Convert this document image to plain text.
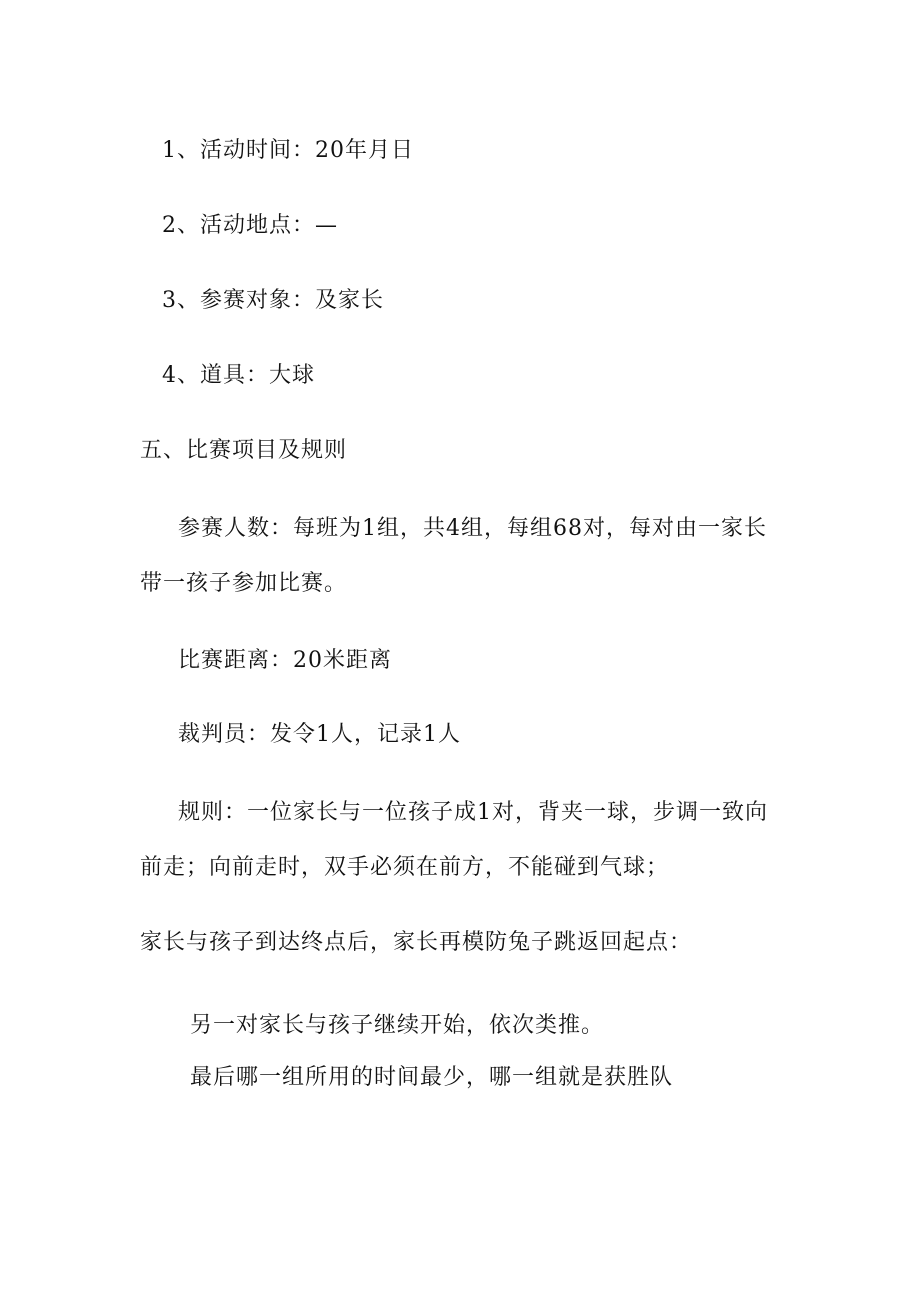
1、活动时间：20年月日
2、活动地点：—
3、参赛对象：及家长
4、道具：大球
五、比赛项目及规则
参赛人数：每班为1组，共4组，每组68对，每对由一家长
带一孩子参加比赛。
比赛距离：20米距离
裁判员：发令1人，记录1人
规则：一位家长与一位孩子成1对，背夹一球，步调一致向
前走；向前走时，双手必须在前方，不能碰到气球；
家长与孩子到达终点后，家长再模防兔子跳返回起点：
另一对家长与孩子继续开始，依次类推。
最后哪一组所用的时间最少，哪一组就是获胜队
